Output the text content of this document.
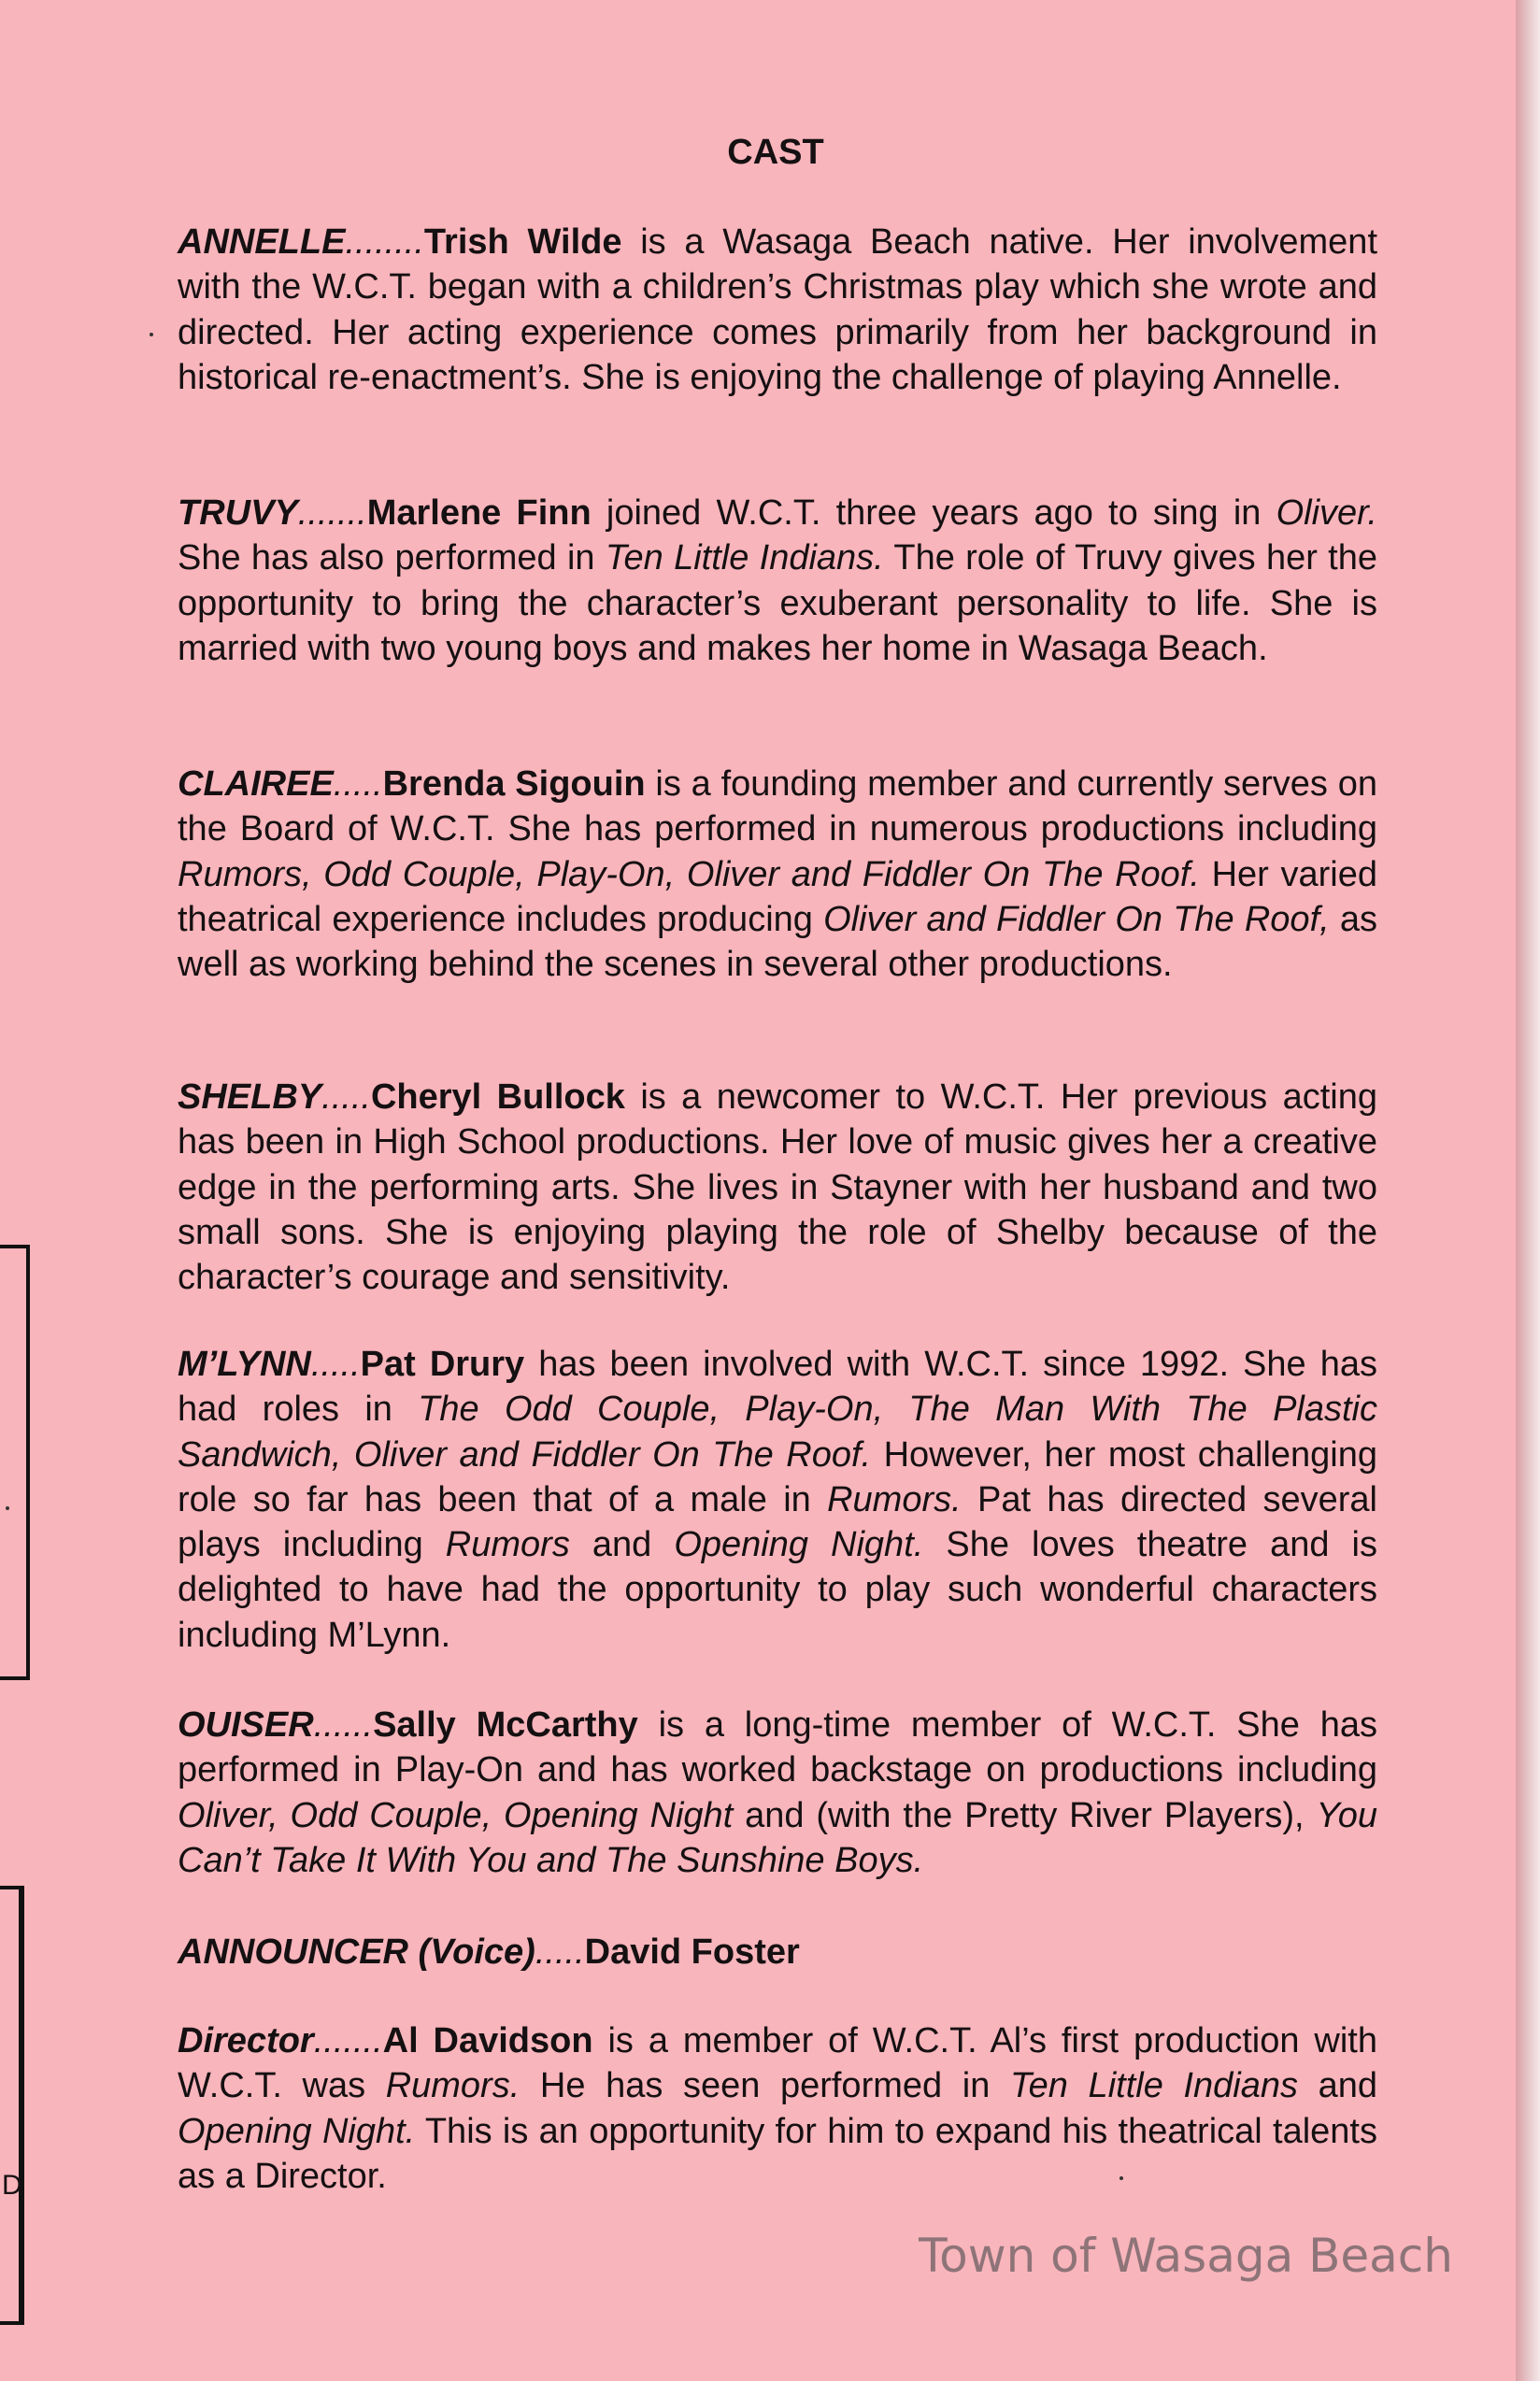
CAST
ANNELLE........Trish Wilde is a Wasaga Beach native. Her involvement with the W.C.T. began with a children’s Christmas play which she wrote and directed. Her acting experience comes primarily from her background in historical re-enactment’s. She is enjoying the challenge of playing Annelle.
TRUVY.......Marlene Finn joined W.C.T. three years ago to sing in Oliver. She has also performed in Ten Little Indians. The role of Truvy gives her the opportunity to bring the character’s exuberant personality to life. She is married with two young boys and makes her home in Wasaga Beach.
CLAIREE.....Brenda Sigouin is a founding member and currently serves on the Board of W.C.T. She has performed in numerous productions including Rumors, Odd Couple, Play-On, Oliver and Fiddler On The Roof. Her varied theatrical experience includes producing Oliver and Fiddler On The Roof, as well as working behind the scenes in several other productions.
SHELBY.....Cheryl Bullock is a newcomer to W.C.T. Her previous acting has been in High School productions. Her love of music gives her a creative edge in the performing arts. She lives in Stayner with her husband and two small sons. She is enjoying playing the role of Shelby because of the character’s courage and sensitivity.
M’LYNN.....Pat Drury has been involved with W.C.T. since 1992. She has had roles in The Odd Couple, Play-On, The Man With The Plastic Sandwich, Oliver and Fiddler On The Roof. However, her most challenging role so far has been that of a male in Rumors. Pat has directed several plays including Rumors and Opening Night. She loves theatre and is delighted to have had the opportunity to play such wonderful characters including M’Lynn.
OUISER......Sally McCarthy is a long-time member of W.C.T. She has performed in Play-On and has worked backstage on productions including Oliver, Odd Couple, Opening Night and (with the Pretty River Players), You Can’t Take It With You and The Sunshine Boys.
ANNOUNCER (Voice).....David Foster
Director.......Al Davidson is a member of W.C.T. Al’s first production with W.C.T. was Rumors. He has seen performed in Ten Little Indians and Opening Night. This is an opportunity for him to expand his theatrical talents as a Director.
D
Town of Wasaga Beach
